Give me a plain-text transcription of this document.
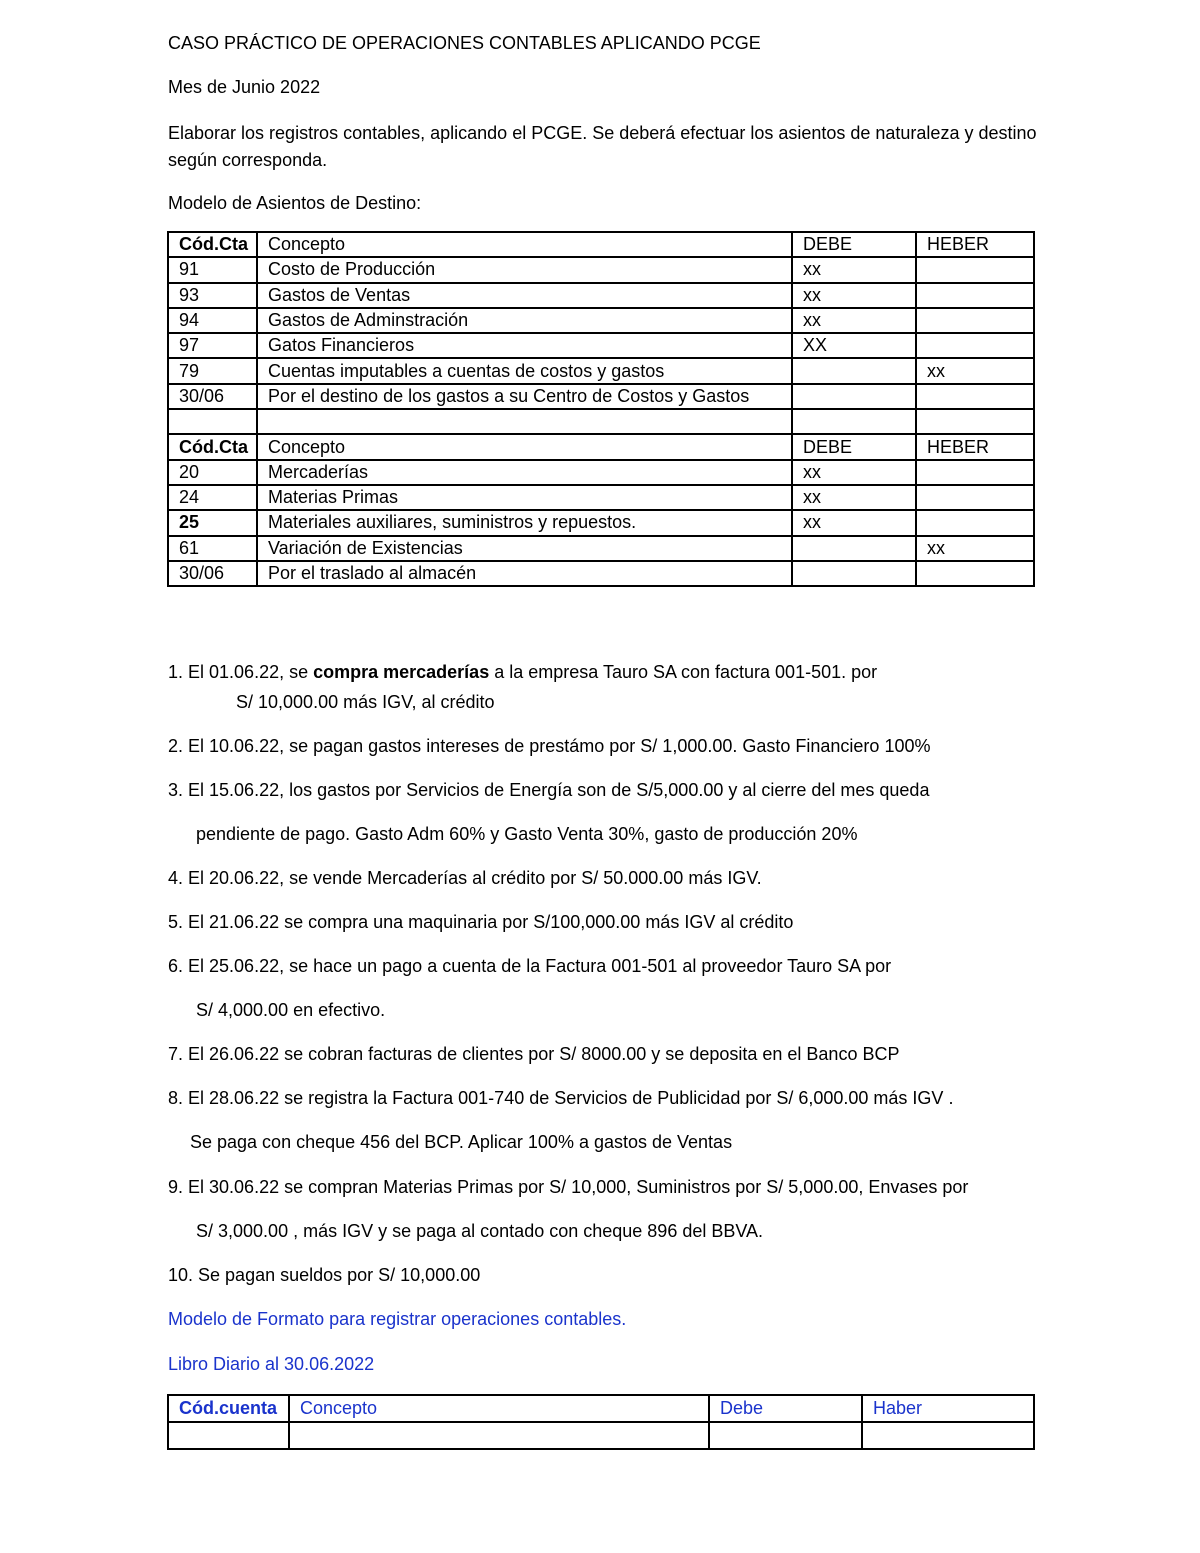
CASO PRÁCTICO DE OPERACIONES CONTABLES APLICANDO PCGE
Mes de Junio 2022
Elaborar los registros contables, aplicando el PCGE. Se deberá efectuar los asientos de naturaleza y destino según corresponda.
Modelo de Asientos de Destino:
Cód.Cta	Concepto	DEBE	HEBER
91	Costo de Producción	xx	
93	Gastos de Ventas	xx	
94	Gastos de Adminstración	xx	
97	Gatos Financieros	XX	
79	Cuentas imputables a cuentas de costos y gastos		xx
30/06	Por el destino de los gastos a su Centro de Costos y Gastos		

Cód.Cta	Concepto	DEBE	HEBER
20	Mercaderías	xx	
24	Materias Primas	xx	
25	Materiales auxiliares, suministros y repuestos.	xx	
61	Variación de Existencias		xx
30/06	Por el traslado al almacén		
1. El 01.06.22, se compra mercaderías a la empresa Tauro SA con factura 001-501. por
S/ 10,000.00 más IGV, al crédito
2. El 10.06.22, se pagan gastos intereses de prestámo por S/ 1,000.00. Gasto Financiero 100%
3. El 15.06.22, los gastos por Servicios de Energía son de S/5,000.00 y al cierre del mes queda
pendiente de pago. Gasto Adm 60% y Gasto Venta 30%, gasto de producción 20%
4. El 20.06.22, se vende Mercaderías al crédito por S/ 50.000.00 más IGV.
5. El 21.06.22 se compra una maquinaria por S/100,000.00 más IGV al crédito
6. El 25.06.22, se hace un pago a cuenta de la Factura 001-501 al proveedor Tauro SA por
S/ 4,000.00 en efectivo.
7. El 26.06.22 se cobran facturas de clientes por S/ 8000.00 y se deposita en el Banco BCP
8. El 28.06.22 se registra la Factura 001-740 de Servicios de Publicidad por S/ 6,000.00 más IGV .
Se paga con cheque 456 del BCP. Aplicar 100% a gastos de Ventas
9. El 30.06.22 se compran Materias Primas por S/ 10,000, Suministros por S/ 5,000.00, Envases por
S/ 3,000.00 , más IGV y se paga al contado con cheque 896 del BBVA.
10. Se pagan sueldos por S/ 10,000.00
Modelo de Formato para registrar operaciones contables.
Libro Diario al 30.06.2022
Cód.cuenta	Concepto	Debe	Haber
